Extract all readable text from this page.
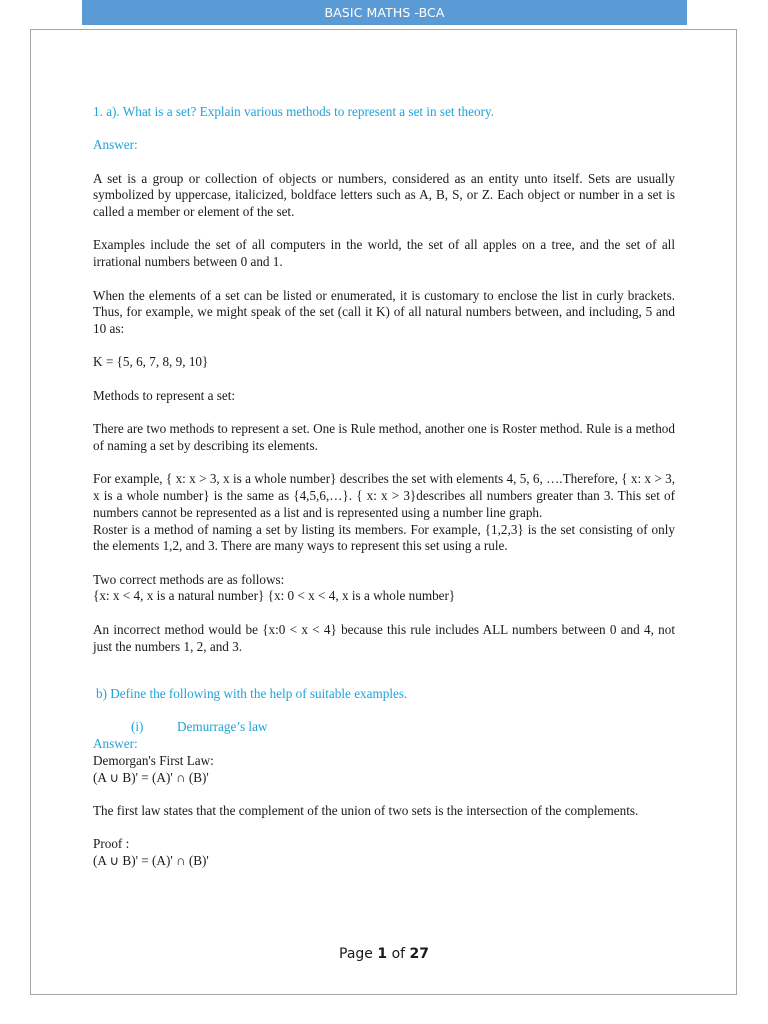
BASIC MATHS -BCA

1. a). What is a set? Explain various methods to represent a set in set theory.

Answer:

A set is a group or collection of objects or numbers, considered as an entity unto itself. Sets are usually symbolized by uppercase, italicized, boldface letters such as A, B, S, or Z. Each object or number in a set is called a member or element of the set.

Examples include the set of all computers in the world, the set of all apples on a tree, and the set of all irrational numbers between 0 and 1.

When the elements of a set can be listed or enumerated, it is customary to enclose the list in curly brackets. Thus, for example, we might speak of the set (call it K) of all natural numbers between, and including, 5 and 10 as:

K = {5, 6, 7, 8, 9, 10}

Methods to represent a set:

There are two methods to represent a set. One is Rule method, another one is Roster method. Rule is a method of naming a set by describing its elements.

For example, { x: x > 3, x is a whole number} describes the set with elements 4, 5, 6, ….Therefore, { x: x > 3, x is a whole number} is the same as {4,5,6,…}. { x: x > 3}describes all numbers greater than 3. This set of numbers cannot be represented as a list and is represented using a number line graph.

Roster is a method of naming a set by listing its members. For example, {1,2,3} is the set consisting of only the elements 1,2, and 3. There are many ways to represent this set using a rule.

Two correct methods are as follows:

{x: x < 4, x is a natural number} {x: 0 < x < 4, x is a whole number}

An incorrect method would be {x:0 < x < 4} because this rule includes ALL numbers between 0 and 4, not just the numbers 1, 2, and 3.

b) Define the following with the help of suitable examples.

(i)	Demurrage’s law

Answer:

Demorgan's First Law:

(A ∪ B)' = (A)' ∩ (B)'

The first law states that the complement of the union of two sets is the intersection of the complements.

Proof :

(A ∪ B)' = (A)' ∩ (B)'

Page 1 of 27
